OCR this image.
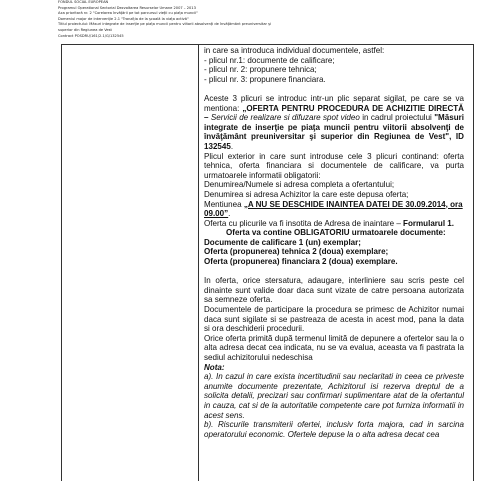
FONDUL SOCIAL EUROPEAN
Programul Operational Sectorial Dezvoltarea Resurselor Umane 2007 – 2013
Axa prioritară nr. 2 "Corelarea învăţării pe tot parcursul vieţii cu piaţa muncii"
Domeniul major de intervenţie 2.1 "Tranziţia de la şcoală la viaţa activă"
Titlul proiectului: Măsuri integrate de inserţie pe piaţa muncii pentru viitorii absolvenţi de învăţământ preuniversitar şi
superior din Regiunea de Vest
Contract POSDRU/161/2.1/G/132545

in care sa introduca individual documentele, astfel:

- plicul nr.1: documente de calificare;

- plicul nr. 2: propunere tehnica;

- plicul nr. 3: propunere financiara.

Aceste 3 plicuri se introduc intr-un plic separat sigilat, pe care se va mentiona: „OFERTA PENTRU PROCEDURA DE ACHIZITIE DIRECTĂ – Servicii de realizare si difuzare spot video in cadrul proiectului "Măsuri integrate de inserţie pe piaţa muncii pentru viitorii absolvenţi de învăţământ preuniversitar şi superior din Regiunea de Vest", ID 132545.

Plicul exterior in care sunt introduse cele 3 plicuri continand: oferta tehnica, oferta financiara si documentele de calificare, va purta urmatoarele informatii obligatorii:

Denumirea/Numele si adresa completa a ofertantului;

Denumirea si adresa Achizitor la care este depusa oferta;

Mentiunea „A NU SE DESCHIDE INAINTEA DATEI DE 30.09.2014, ora 09.00”.

Oferta cu plicurile va fi insotita de Adresa de inaintare – Formularul 1.

Oferta va contine OBLIGATORIU urmatoarele documente:

Documente de calificare 1 (un) exemplar;

Oferta (propunerea) tehnica 2 (doua) exemplare;

Oferta (propunerea) financiara 2 (doua) exemplare.

In oferta, orice stersatura, adaugare, interliniere sau scris peste cel dinainte sunt valide doar daca sunt vizate de catre persoana autorizata sa semneze oferta.

Documentele de participare la procedura se primesc de Achizitor numai daca sunt sigilate si se pastreaza de acesta in acest mod, pana la data si ora deschiderii procedurii.

Orice oferta primită după termenul limită de depunere a ofertelor sau la o alta adresa decat cea indicata, nu se va evalua, aceasta va fi pastrata la sediul achizitorului nedeschisa

Nota:

a). In cazul in care exista incertitudinii sau neclaritati in ceea ce priveste anumite documente prezentate, Achizitorul isi rezerva dreptul de a solicita detalii, precizari sau confirmari suplimentare atat de la ofertantul in cauza, cat si de la autoritatile competente care pot furniza informatii in acest sens.

b). Riscurile transmiterii ofertei, inclusiv forta majora, cad in sarcina operatorului economic. Ofertele depuse la o alta adresa decat cea
